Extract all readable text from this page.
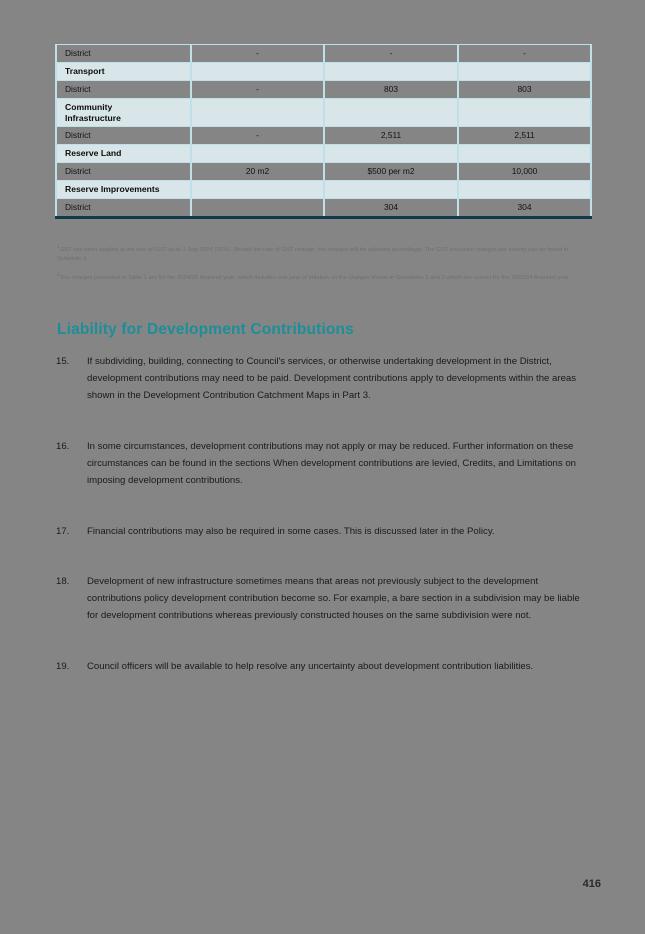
District	-	-	-
Transport			
District	-	803	803

Community
Infrastructure			

District	-	2,511	2,511
Reserve Land			
District	20 m2	$500 per m2	10,000
Reserve Improvements			
District		304	304
$^1$GST has been applied at the rate of GST as at 1 July 2024 (15%). Should the rate of GST change, the charges will be adjusted accordingly. The GST exclusive charges per activity can be found in Schedule 1.
$^2$The charges presented in Table 1 are for the 2024/25 financial year, which includes one year of inflation on the charges shown in Schedules 1 and 2 which are correct for the 2023/24 financial year.
Liability for Development Contributions
15.	If subdividing, building, connecting to Council's services, or otherwise undertaking development in the District, development contributions may need to be paid. Development contributions apply to developments within the areas shown in the Development Contribution Catchment Maps in Part 3.
16.	In some circumstances, development contributions may not apply or may be reduced. Further information on these circumstances can be found in the sections When development contributions are levied, Credits, and Limitations on imposing development contributions.
17.	Financial contributions may also be required in some cases. This is discussed later in the Policy.
18.	Development of new infrastructure sometimes means that areas not previously subject to the development contributions policy development contribution become so. For example, a bare section in a subdivision may be liable for development contributions whereas previously constructed houses on the same subdivision were not.
19.	Council officers will be available to help resolve any uncertainty about development contribution liabilities.
416
